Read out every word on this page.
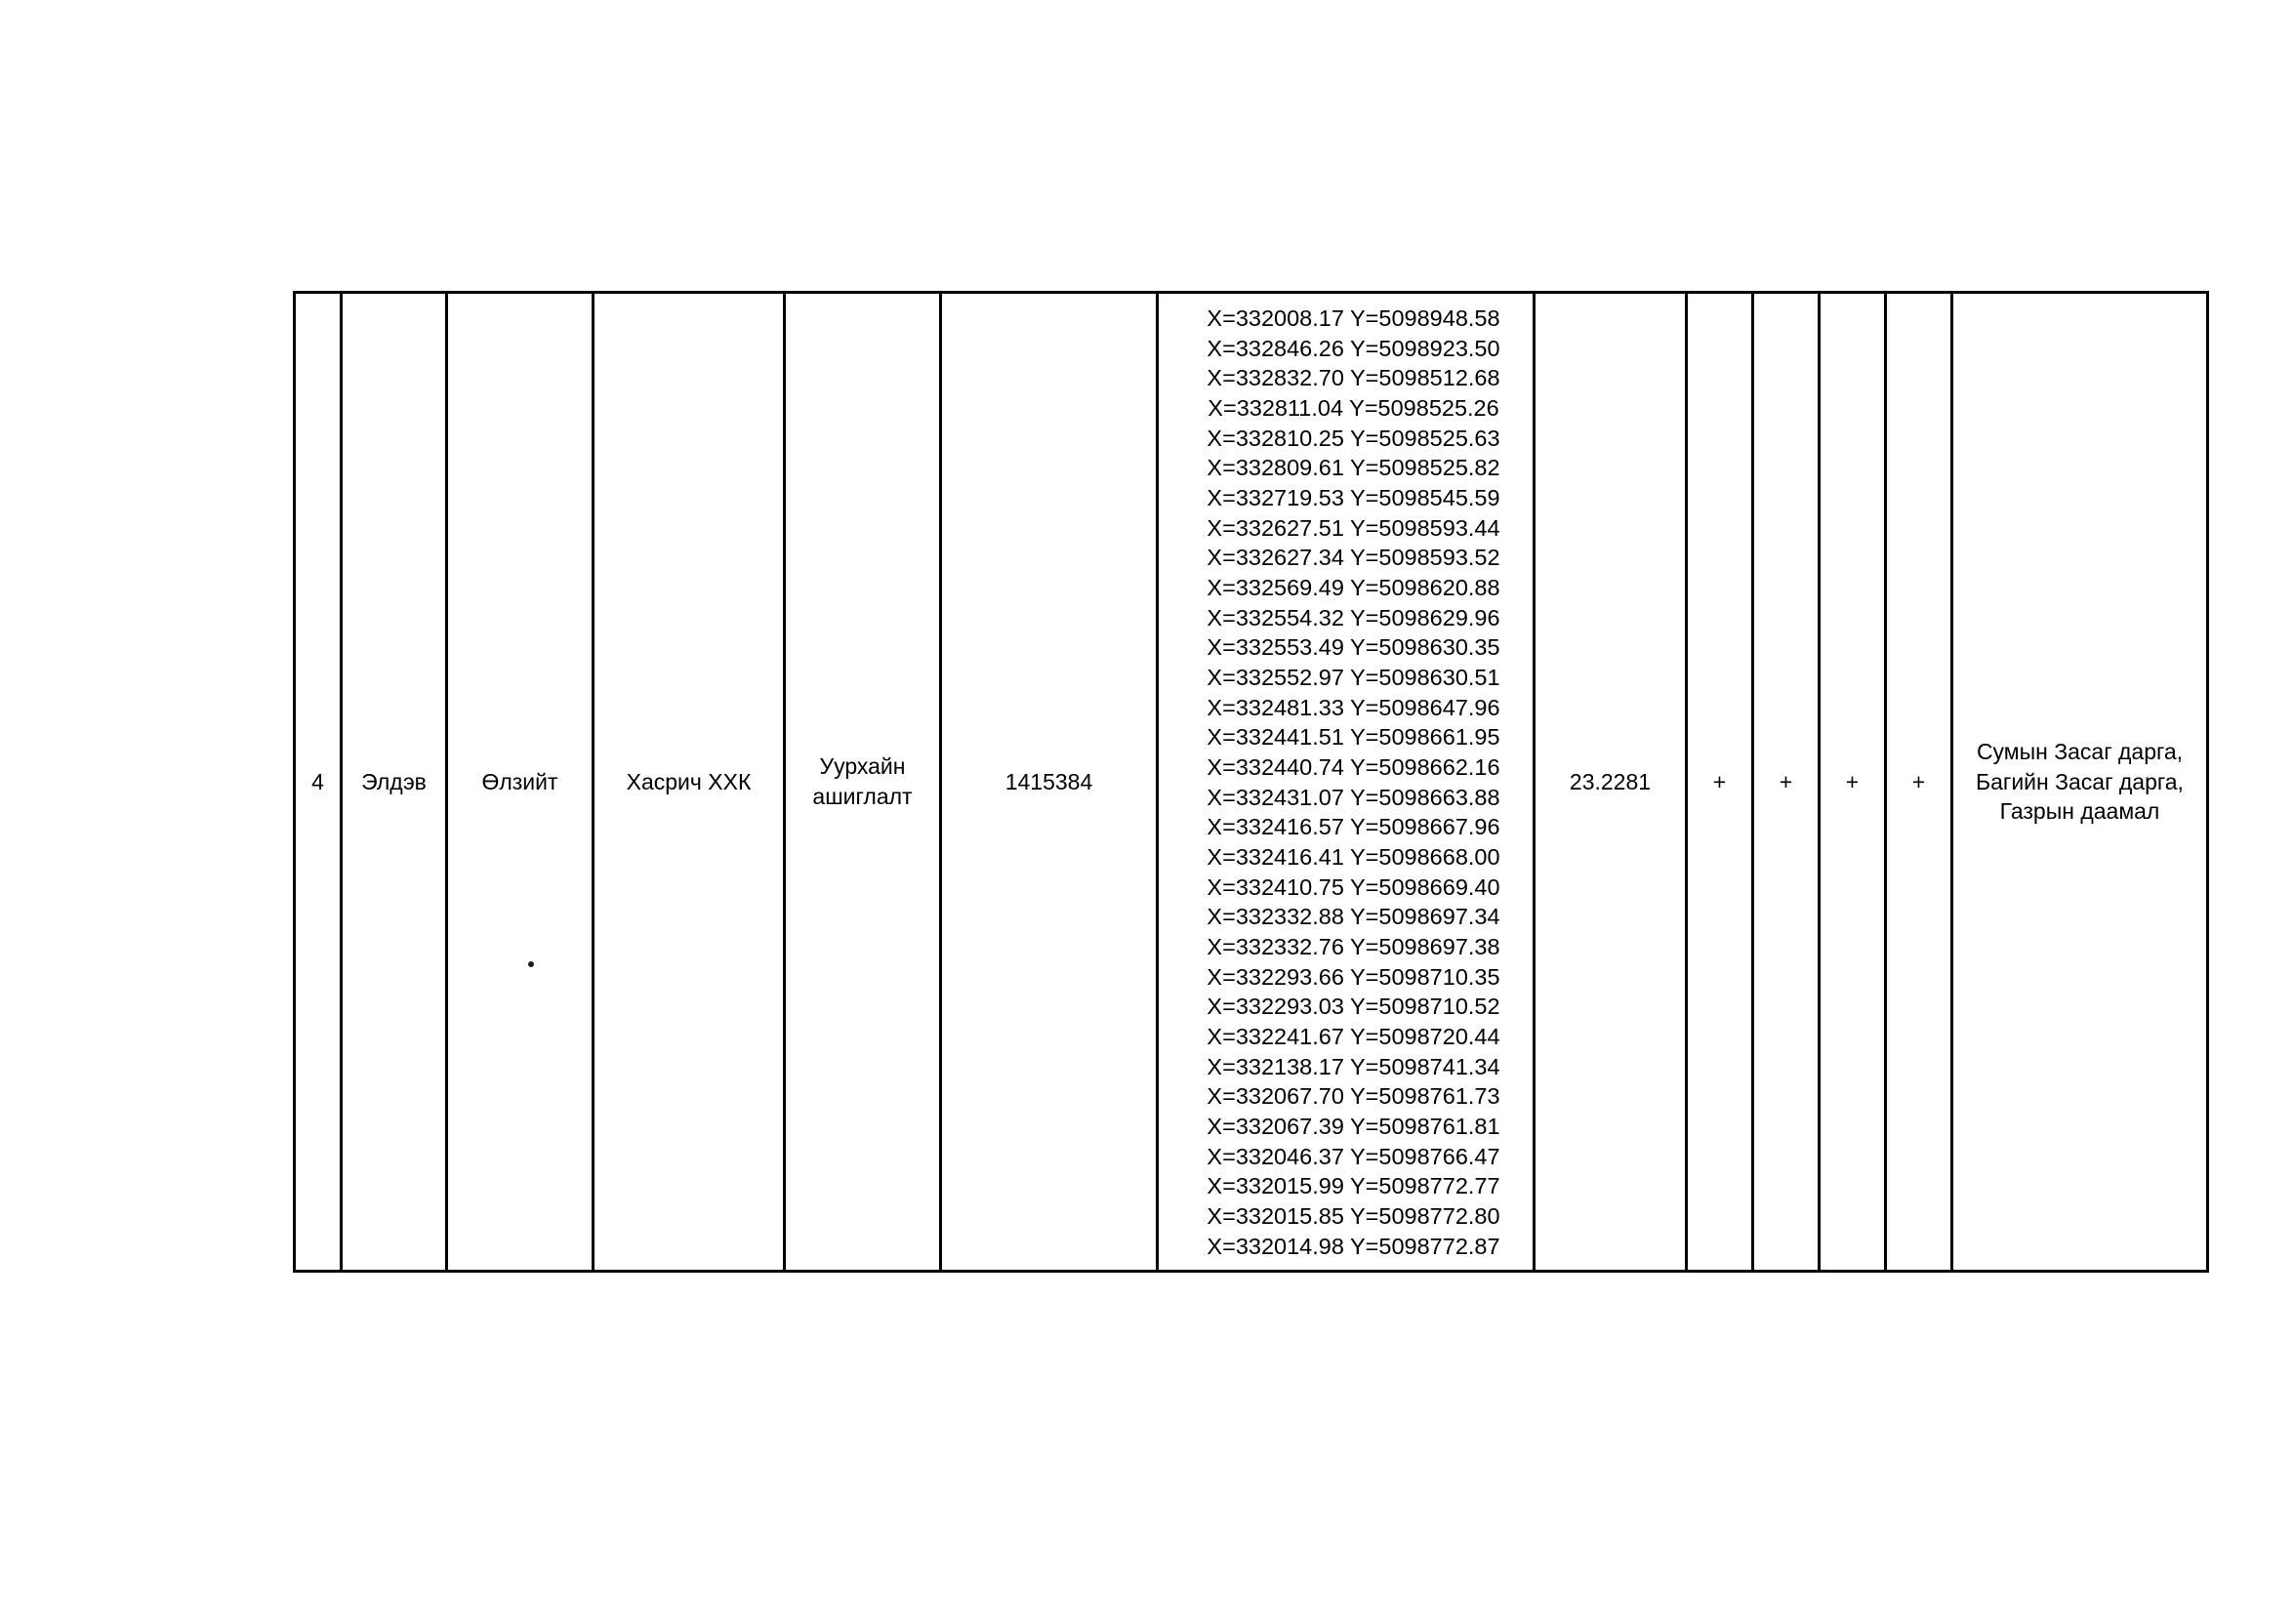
4	Элдэв	Өлзийт	Хасрич ХХК	Уурхайн ашиглалт	1415384	
X=332008.17 Y=5098948.58
X=332846.26 Y=5098923.50
X=332832.70 Y=5098512.68
X=332811.04 Y=5098525.26
X=332810.25 Y=5098525.63
X=332809.61 Y=5098525.82
X=332719.53 Y=5098545.59
X=332627.51 Y=5098593.44
X=332627.34 Y=5098593.52
X=332569.49 Y=5098620.88
X=332554.32 Y=5098629.96
X=332553.49 Y=5098630.35
X=332552.97 Y=5098630.51
X=332481.33 Y=5098647.96
X=332441.51 Y=5098661.95
X=332440.74 Y=5098662.16
X=332431.07 Y=5098663.88
X=332416.57 Y=5098667.96
X=332416.41 Y=5098668.00
X=332410.75 Y=5098669.40
X=332332.88 Y=5098697.34
X=332332.76 Y=5098697.38
X=332293.66 Y=5098710.35
X=332293.03 Y=5098710.52
X=332241.67 Y=5098720.44
X=332138.17 Y=5098741.34
X=332067.70 Y=5098761.73
X=332067.39 Y=5098761.81
X=332046.37 Y=5098766.47
X=332015.99 Y=5098772.77
X=332015.85 Y=5098772.80
X=332014.98 Y=5098772.87
	23.2281	+	+	+	+	Сумын Засаг дарга, Багийн Засаг дарга, Газрын даамал
